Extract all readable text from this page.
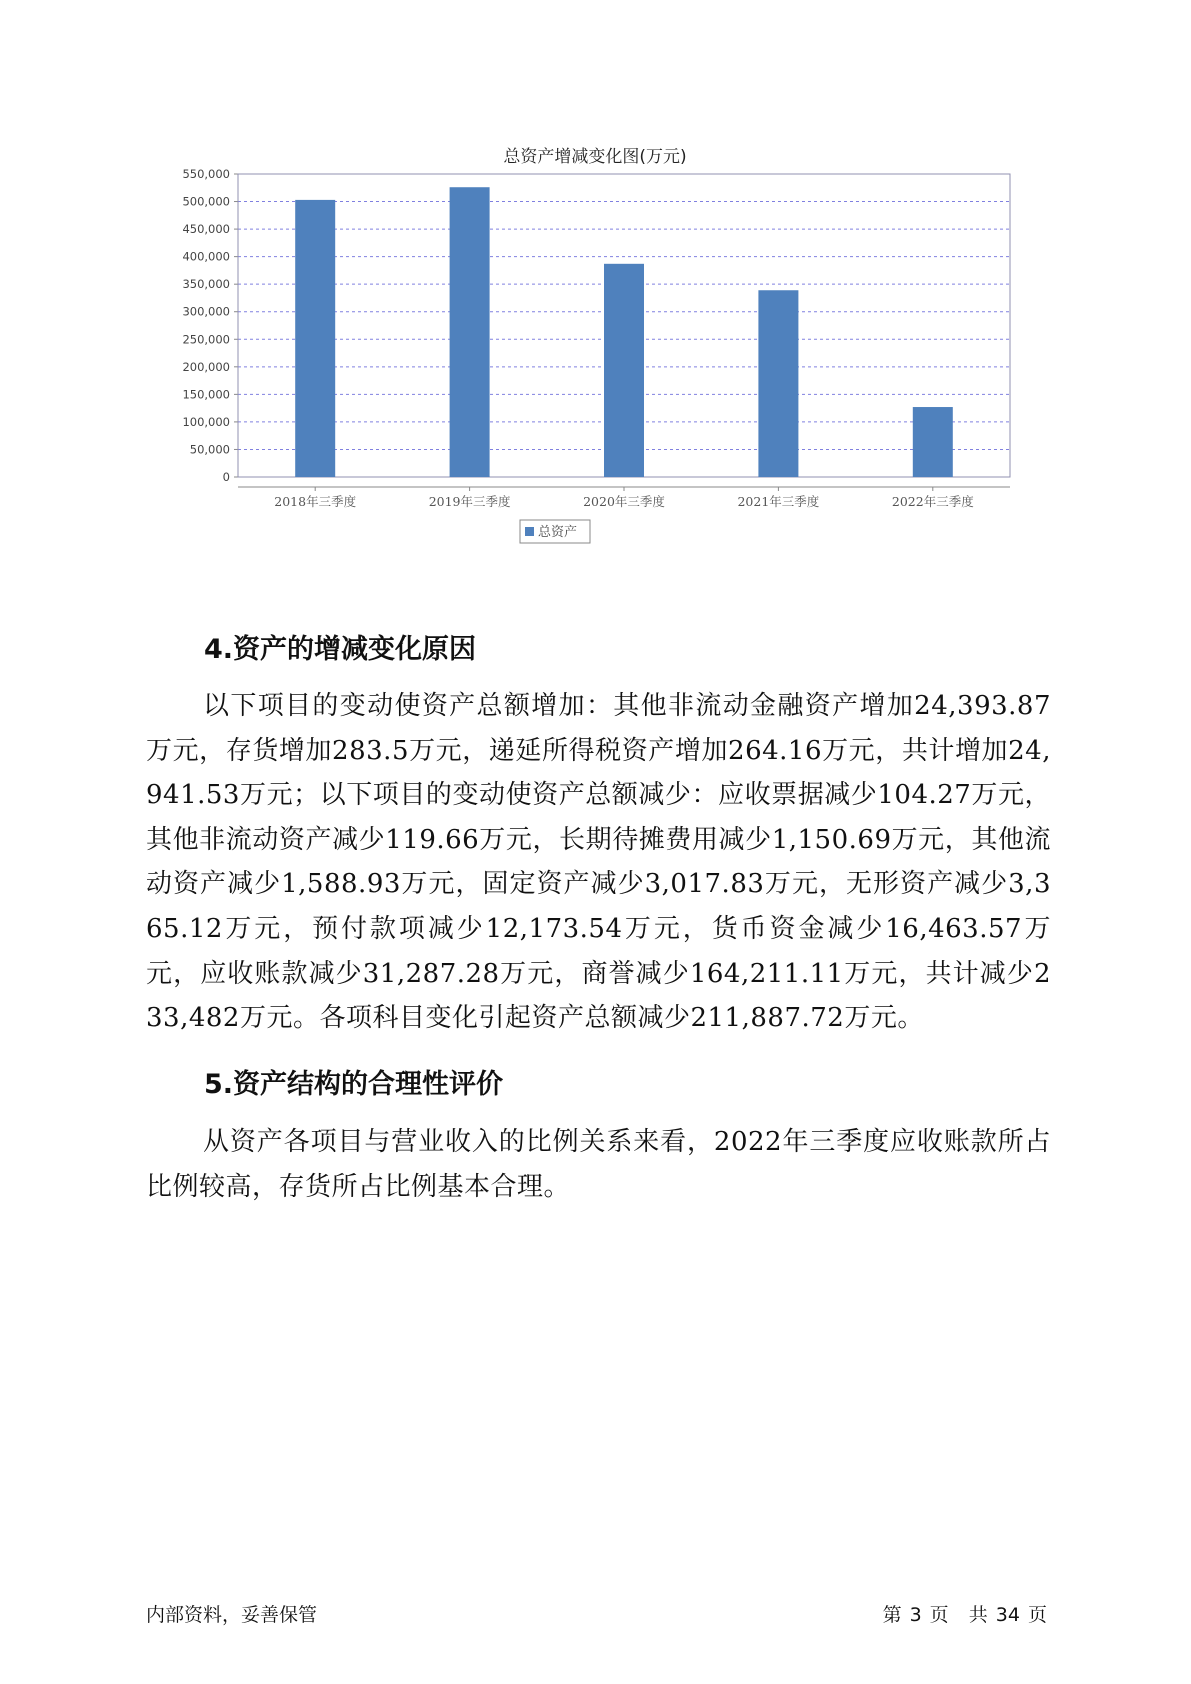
总资产增减变化图(万元)
0
50,000
100,000
150,000
200,000
250,000
300,000
350,000
400,000
450,000
500,000
550,000
2018年三季度	2019年三季度	2020年三季度	2021年三季度	2022年三季度
总资产
4.资产的增减变化原因
以下项目的变动使资产总额增加：其他非流动金融资产增加24,393.87万元，存货增加283.5万元，递延所得税资产增加264.16万元，共计增加24,941.53万元；以下项目的变动使资产总额减少：应收票据减少104.27万元，其他非流动资产减少119.66万元，长期待摊费用减少1,150.69万元，其他流动资产减少1,588.93万元，固定资产减少3,017.83万元，无形资产减少3,365.12万元，预付款项减少12,173.54万元，货币资金减少16,463.57万元，应收账款减少31,287.28万元，商誉减少164,211.11万元，共计减少233,482万元。各项科目变化引起资产总额减少211,887.72万元。
5.资产结构的合理性评价
从资产各项目与营业收入的比例关系来看，2022年三季度应收账款所占比例较高，存货所占比例基本合理。
内部资料，妥善保管	第 3 页 共 34 页
